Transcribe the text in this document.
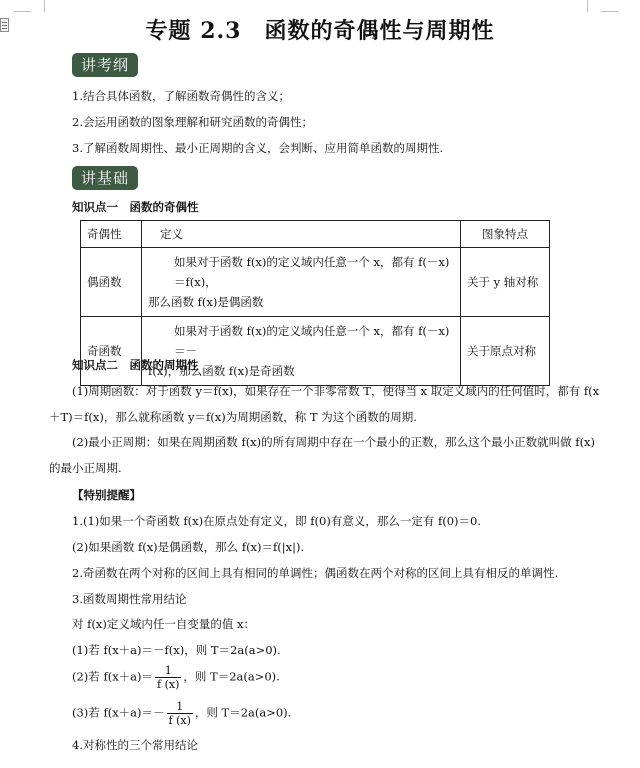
专题 2.3　函数的奇偶性与周期性
讲考纲
1.结合具体函数，了解函数奇偶性的含义；
2.会运用函数的图象理解和研究函数的奇偶性；
3.了解函数周期性、最小正周期的含义，会判断、应用简单函数的周期性.
讲基础
知识点一　函数的奇偶性
奇偶性	定义	图象特点
偶函数	如果对于函数 f(x)的定义域内任意一个 x，都有 f(－x)＝f(x)，
那么函数 f(x)是偶函数	关于 y 轴对称
奇函数	如果对于函数 f(x)的定义域内任意一个 x，都有 f(－x)＝－
f(x)，那么函数 f(x)是奇函数	关于原点对称
知识点二　函数的周期性
(1)周期函数：对于函数 y＝f(x)，如果存在一个非零常数 T，使得当 x 取定义域内的任何值时，都有 f(x
＋T)＝f(x)，那么就称函数 y＝f(x)为周期函数，称 T 为这个函数的周期.
(2)最小正周期：如果在周期函数 f(x)的所有周期中存在一个最小的正数，那么这个最小正数就叫做 f(x)
的最小正周期.
【特别提醒】
1.(1)如果一个奇函数 f(x)在原点处有定义，即 f(0)有意义，那么一定有 f(0)＝0.
(2)如果函数 f(x)是偶函数，那么 f(x)＝f(|x|).
2.奇函数在两个对称的区间上具有相同的单调性；偶函数在两个对称的区间上具有相反的单调性.
3.函数周期性常用结论
对 f(x)定义域内任一自变量的值 x：
(1)若 f(x＋a)＝－f(x)，则 T＝2a(a>0).
(2)若 $f(x+a)= \frac{1}{f (x)}$ ，则 T＝2a(a>0).
(3)若 $f(x+a)=- \frac{1}{f (x)}$ ，则 T＝2a(a>0).
4.对称性的三个常用结论
